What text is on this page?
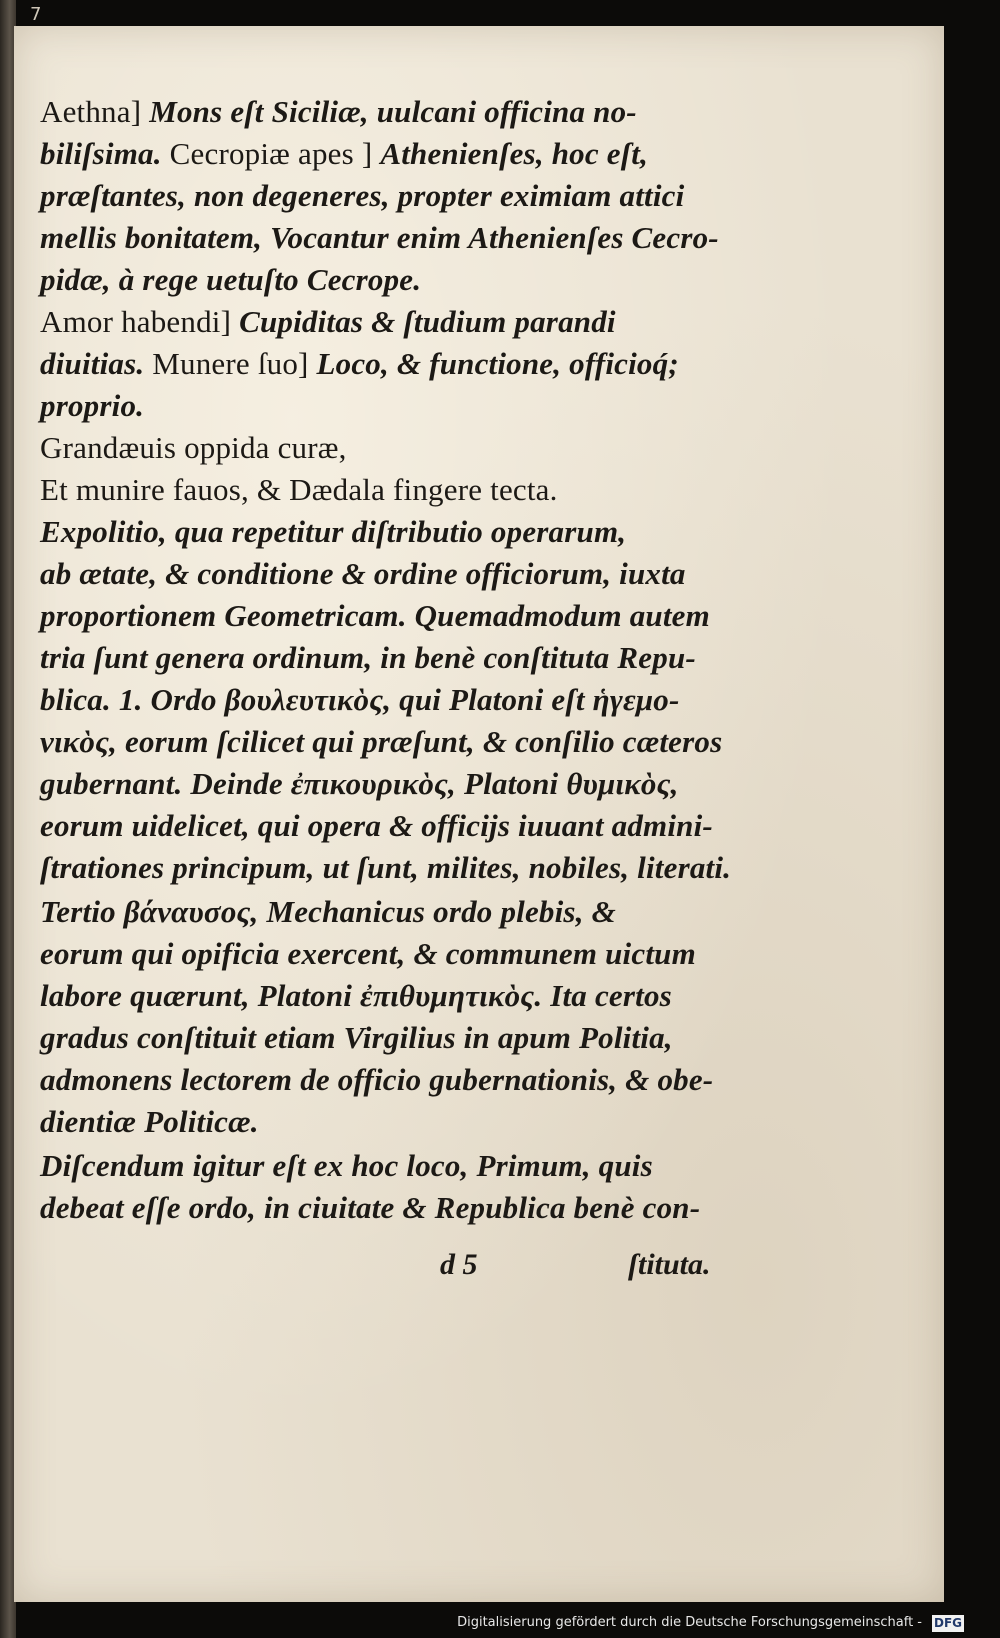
7
Aethna] Mons eſt Siciliæ, uulcani officina no-
biliſsima. Cecropiæ apes ] Athenienſes, hoc eſt,
præſtantes, non degeneres, propter eximiam attici
mellis bonitatem, Vocantur enim Athenienſes Cecro-
pidæ, à rege uetuſto Cecrope.
Amor habendi] Cupiditas & ſtudium parandi
diuitias. Munere ſuo] Loco, & functione, officioq́;
proprio.
Grandæuis oppida curæ,
Et munire fauos, & Dædala fingere tecta.
Expolitio, qua repetitur diſtributio operarum,
ab ætate, & conditione & ordine officiorum, iuxta
proportionem Geometricam. Quemadmodum autem
tria ſunt genera ordinum, in benè conſtituta Repu-
blica. 1. Ordo βουλευτικὸς, qui Platoni eſt ἡγεμο-
νικὸς, eorum ſcilicet qui præſunt, & conſilio cæteros
gubernant. Deinde ἐπικουρικὸς, Platoni θυμικὸς,
eorum uidelicet, qui opera & officijs iuuant admini-
ſtrationes principum, ut ſunt, milites, nobiles, literati.
Tertio βάναυσος, Mechanicus ordo plebis, &
eorum qui opificia exercent, & communem uictum
labore quærunt, Platoni ἐπιθυμητικὸς. Ita certos
gradus conſtituit etiam Virgilius in apum Politia,
admonens lectorem de officio gubernationis, & obe-
dientiæ Politicæ.
Diſcendum igitur eſt ex hoc loco, Primum, quis
debeat eſſe ordo, in ciuitate & Republica benè con-
d 5	ſtituta.
Digitalisierung gefördert durch die Deutsche Forschungsgemeinschaft - DFG
